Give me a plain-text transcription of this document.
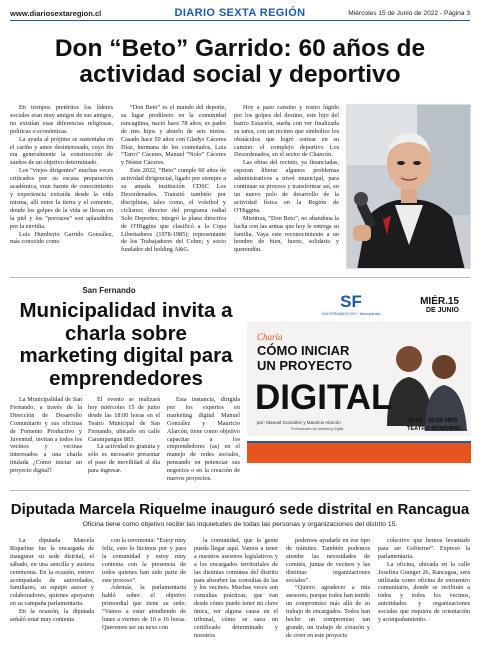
www.diariosextaregion.cl	DIARIO SEXTA REGIÓN	Miércoles 15 de Junio de 2022 - Página 3
Don “Beto” Garrido: 60 años de actividad social y deportivo

En tiempos pretéritos los líderes sociales eran muy amigos de sus amigos, no existían esas diferencias religiosas, políticas o económicas.

La ayuda al prójimo se sustentaba en el cariño y amor desinteresado, cuyo fin era generalmente la construcción de sueños de un objetivo determinado.

Los “viejos dirigentes” muchas veces criticados por su escasa preparación académica, eran fuente de conocimiento y experiencia extraída desde la vida misma, allí entre la tierra y el cemento, donde los golpes de la vida se llevan en la piel y los “porrazos” son aplaudidos por la envidia.

Luis Humberto Garrido González, más conocido como

“Don Beto” es el mundo del deporte, su lugar predilecto en la comunidad rancagüina, nació hace 78 años, es padre de tres hijos y abuelo de seis nietos. Casado hace 59 años con Gladys Cáceres Díaz, hermana de los connotados, Luis “Tarro” Cáceres, Manuel “Nolo” Cáceres y Néstor Cáceres.

Este 2022, “Beto” cumple 60 años de actividad dirigencial, ligado por siempre a su amada institución CDSC Los Desordenados. Transitó también por disciplinas, tales como, el voleibol y ciclismo; director del programa radial Solo Deportes; integró la plana directiva de O'Higgins que clasificó a la Copa Libertadores (1978-1985); representante de los Trabajadores del Cobre; y socio fundador del holding A&G.

Hoy a paso cansino y rostro lúgido por los golpes del destino, este hijo del barrio Estación, sueña con ver finalizada su tarea, con un recinto que simbolice los obstáculos que logró sortear en su camino: el complejo deportivo Los Desordenados, en el sector de Chancón.

Las obras del recinto, ya financiadas, esperan liberar algunos problemas administrativos a nivel municipal, para continuar su proceso y transformar así, en un nuevo polo de desarrollo de la actividad física en la Región de O'Higgins.

Mientras, “Don Beto”, no abandona la lucha con las armas que hoy le entrega su familia. Vaya este reconocimiento a un hombre de bien, fuerte, solidario y querendón.

San Fernando
Municipalidad invita a charla sobre marketing digital para emprendedores

La Municipalidad de San Fernando, a través de la Dirección de Desarrollo Comunitario y sus oficinas de Fomento Productivo y Juventud, invitan a todos los vecinos y vecinas interesados a una charla titulada ¿Cómo iniciar un proyecto digital?

El evento se realizará hoy miércoles 15 de junio desde las 18:00 horas en el Teatro Municipal de San Fernando, ubicado en calle Carampangue 883.

La actividad es gratuita y sólo es necesario presentar el pase de movilidad al día para ingresar.

Esta instancia, dirigida por los expertos en marketing digital Manuel González y Mauricio Alarcón, tiene como objetivo capacitar a los emprendedores (as) en el manejo de redes sociales, pensando en potenciar sus negocios o en la creación de nuevos proyectos.

SF
SAN FERNANDO HOY · Municipalidad
MIÉR.15
DE JUNIO
Charla
CÓMO INICIAR
UN PROYECTO
DIGITAL
por: Manuel González y Mauricio Alarcón
Profesionales del Marketing Digital
18:00 - 20:00 HRS
TEATRO MUNICIPAL
Diputada Marcela Riquelme inauguró sede distrital en Rancagua
Oficina tiene como objetivo recibir las inquietudes de todas las personas y organizaciones del distrito 15.

La diputada Marcela Riquelme fue la encargada de inaugurar su sede distrital, el sábado, en una sencilla y austera ceremonia. En la ocasión, estuvo acompañada de autoridades, familiares, su equipo asesor y colaboradores, quienes apoyaron en su campaña parlamentaria.

En la ocasión, la diputada señaló estar muy contenta

con la ceremonia: “Estoy muy feliz, esto lo hicimos por y para la comunidad y estoy muy contenta con la presencia de todos quienes han sido parte de este proceso”.

Además, la parlamentaria habló sobre el objetivo primordial que tiene su sede: “Vamos a estar atendiendo de lunes a viernes de 10 a 16 horas. Queremos ser un nexo con

la comunidad, que la gente pueda llegar aquí. Vamos a tener a nuestros asesores legislativos y a los encargados territoriales de las distintas comunas del distrito para absorber las consultas de las y los vecinos. Muchas veces son consultas prácticas, que van desde cómo puedo tener mi clave única, ver alguna causa en el tribunal, cómo se saca un certificado determinado y nosotros

podemos ayudarle en ese tipo de trámites. También podemos atender las necesidades de comités, juntas de vecinos y las distintas organizaciones sociales”.

“Quiero agradecer a mis asesores, porque todos han tenido un compromiso más allá de su trabajo de encargados. Todos han hecho un compromiso tan grande, un trabajo de corazón y de creer en este proyecto

colectivo que hemos levantado para ser Gobierno”. Expresó la parlamentaria.

La oficina, ubicada en la calle Josefina Granger 26, Rancagua, será utilizada como oficina de encuentro comunitario, donde se recibirán a todos y todos los vecinos, autoridades y organizaciones sociales que requiera de orientación y acompañamiento.
